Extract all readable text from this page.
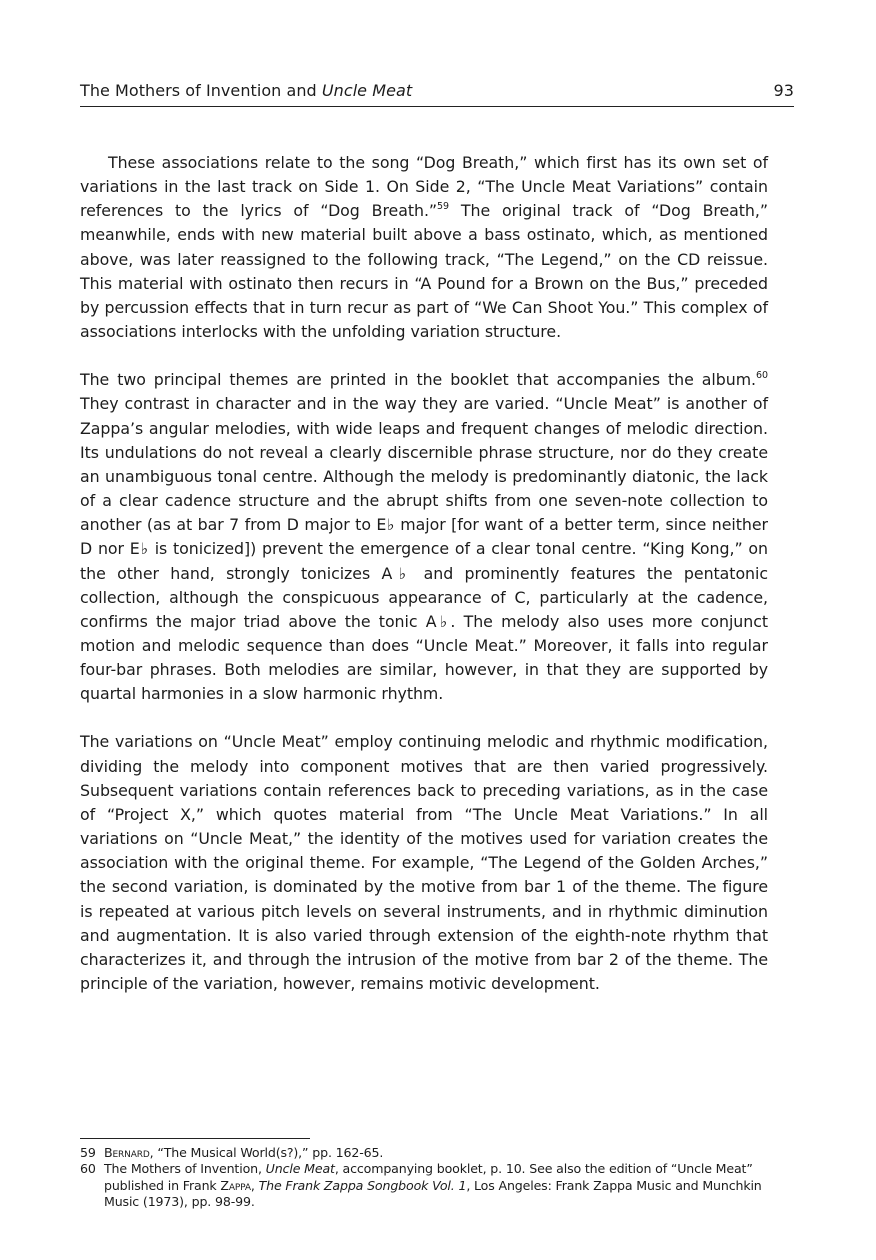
The Mothers of Invention and Uncle Meat	93

These associations relate to the song “Dog Breath,” which first has its own set of variations in the last track on Side 1. On Side 2, “The Uncle Meat Variations” contain references to the lyrics of “Dog Breath.”$^{59}$ The original track of “Dog Breath,” meanwhile, ends with new material built above a bass ostinato, which, as mentioned above, was later reassigned to the following track, “The Legend,” on the CD reissue. This material with ostinato then recurs in “A Pound for a Brown on the Bus,” preceded by percussion effects that in turn recur as part of “We Can Shoot You.” This complex of associations interlocks with the unfolding variation structure.

The two principal themes are printed in the booklet that accompanies the album.$^{60}$ They contrast in character and in the way they are varied. “Uncle Meat” is another of Zappa’s angular melodies, with wide leaps and frequent changes of melodic direction. Its undulations do not reveal a clearly discernible phrase structure, nor do they create an unambiguous tonal centre. Although the melody is predominantly diatonic, the lack of a clear cadence structure and the abrupt shifts from one seven-note collection to another (as at bar 7 from D major to E♭ major [for want of a better term, since neither D nor E♭ is tonicized]) prevent the emergence of a clear tonal centre. “King Kong,” on the other hand, strongly tonicizes A♭ and prominently features the pentatonic collection, although the conspicuous appearance of C, particularly at the cadence, confirms the major triad above the tonic A♭. The melody also uses more conjunct motion and melodic sequence than does “Uncle Meat.” Moreover, it falls into regular four-bar phrases. Both melodies are similar, however, in that they are supported by quartal harmonies in a slow harmonic rhythm.

The variations on “Uncle Meat” employ continuing melodic and rhythmic modification, dividing the melody into component motives that are then varied progressively. Subsequent variations contain references back to preceding variations, as in the case of “Project X,” which quotes material from “The Uncle Meat Variations.” In all variations on “Uncle Meat,” the identity of the motives used for variation creates the association with the original theme. For example, “The Legend of the Golden Arches,” the second variation, is dominated by the motive from bar 1 of the theme. The figure is repeated at various pitch levels on several instruments, and in rhythmic diminution and augmentation. It is also varied through extension of the eighth-note rhythm that characterizes it, and through the intrusion of the motive from bar 2 of the theme. The principle of the variation, however, remains motivic development.

59 Bernard, “The Musical World(s?),” pp. 162-65.
60 The Mothers of Invention, Uncle Meat, accompanying booklet, p. 10. See also the edition of “Uncle Meat” published in Frank Zappa, The Frank Zappa Songbook Vol. 1, Los Angeles: Frank Zappa Music and Munchkin Music (1973), pp. 98-99.
